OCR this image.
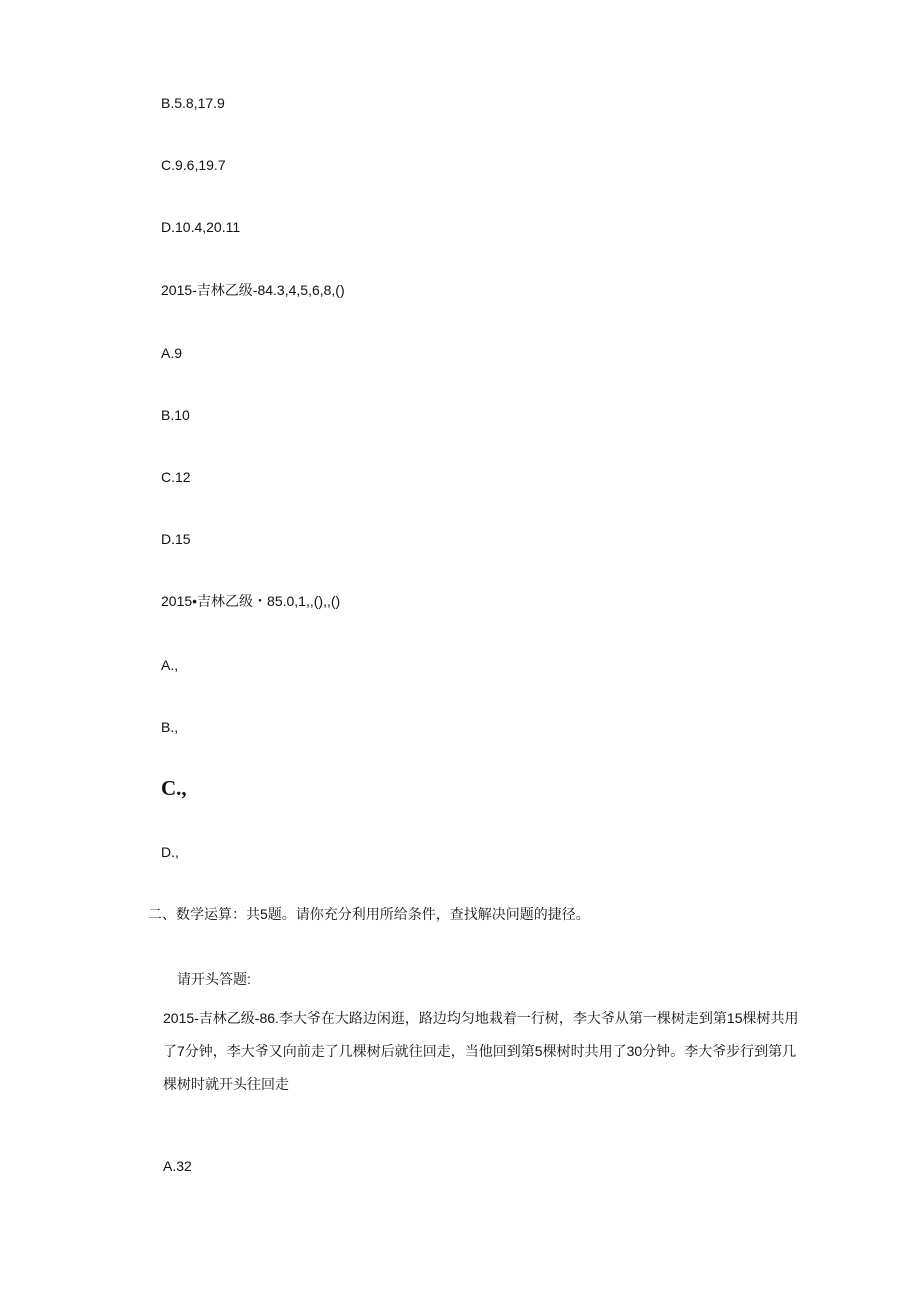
B.5.8,17.9
C.9.6,19.7
D.10.4,20.11
2015-吉林乙级-84.3,4,5,6,8,()
A.9
B.10
C.12
D.15
2015•吉林乙级・85.0,1,,(),,()
A.,
B.,
C.,
D.,
二、数学运算：共5题。请你充分利用所给条件，查找解决问题的捷径。
请开头答题:
2015-吉林乙级-86.李大爷在大路边闲逛，路边均匀地栽着一行树，李大爷从第一棵树走到第15棵树共用了7分钟，李大爷又向前走了几棵树后就往回走，当他回到第5棵树时共用了30分钟。李大爷步行到第几棵树时就开头往回走
A.32
